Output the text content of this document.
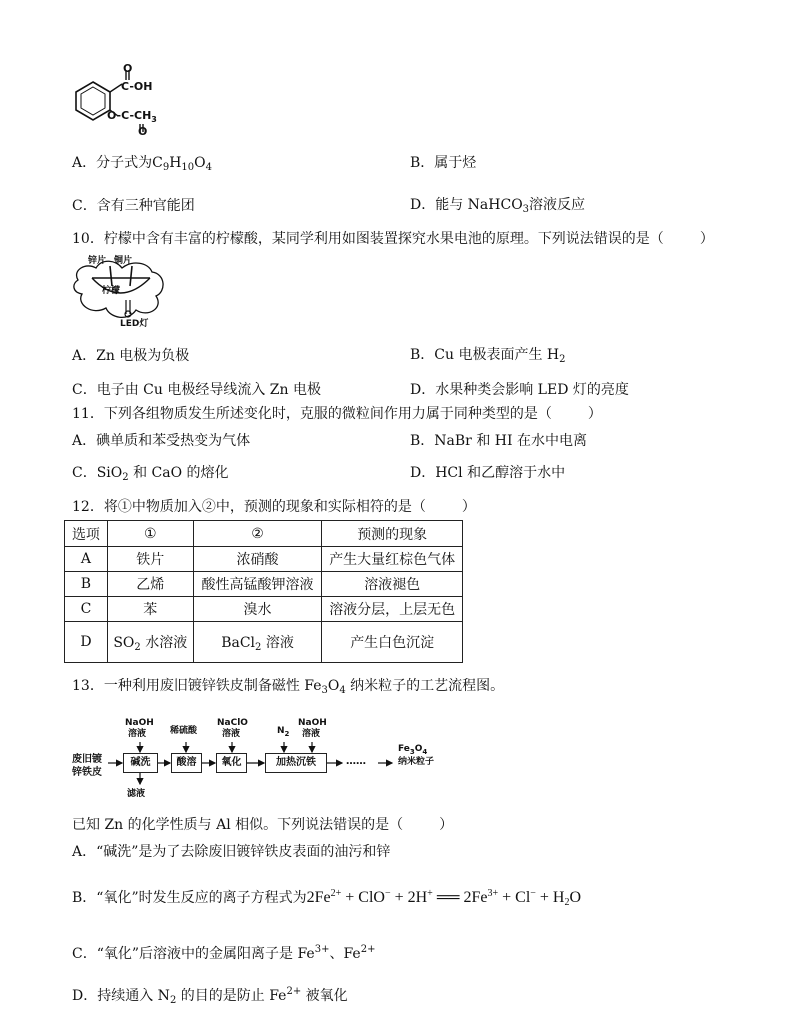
O
C-OH
$O-C-CH_3$
O
A．分子式为$C_9H_{10}O_4$	B．属于烃
C．含有三种官能团	D．能与 NaHCO$_3$溶液反应
10．柠檬中含有丰富的柠檬酸，某同学利用如图装置探究水果电池的原理。下列说法错误的是（	）
锌片 铜片
柠檬
LED灯
A．Zn 电极为负极	B．Cu 电极表面产生 $H_2$
C．电子由 Cu 电极经导线流入 Zn 电极	D．水果种类会影响 LED 灯的亮度
11．下列各组物质发生所述变化时，克服的微粒间作用力属于同种类型的是（	）
A．碘单质和苯受热变为气体	B．NaBr 和 HI 在水中电离
C．SiO$_2$ 和 CaO 的熔化	D．HCl 和乙醇溶于水中
12．将①中物质加入②中，预测的现象和实际相符的是（	）
选项	①	②	预测的现象
A	铁片	浓硝酸	产生大量红棕色气体
B	乙烯	酸性高锰酸钾溶液	溶液褪色
C	苯	溴水	溶液分层，上层无色
D	$SO_2$ 水溶液	BaCl$_2$ 溶液	产生白色沉淀
13．一种利用废旧镀锌铁皮制备磁性 $Fe_3O_4$ 纳米粒子的工艺流程图。
废旧镀
锌铁皮
NaOH
溶液	稀硫酸
NaClO
溶液	$N_2$
NaOH
溶液
碱洗	酸溶	氧化	加热沉铁	……
滤液
$Fe_3O_4$
纳米粒子
已知 Zn 的化学性质与 Al 相似。下列说法错误的是（	）
A．“碱洗”是为了去除废旧镀锌铁皮表面的油污和锌
B．“氧化”时发生反应的离子方程式为$2Fe^{2+} + ClO^- + 2H^+$ ══ $2Fe^{3+} + Cl^- + H_2O$
C．“氧化”后溶液中的金属阳离子是 $Fe^{3+}$、$Fe^{2+}$
D．持续通入 $N_2$ 的目的是防止 $Fe^{2+}$ 被氧化
